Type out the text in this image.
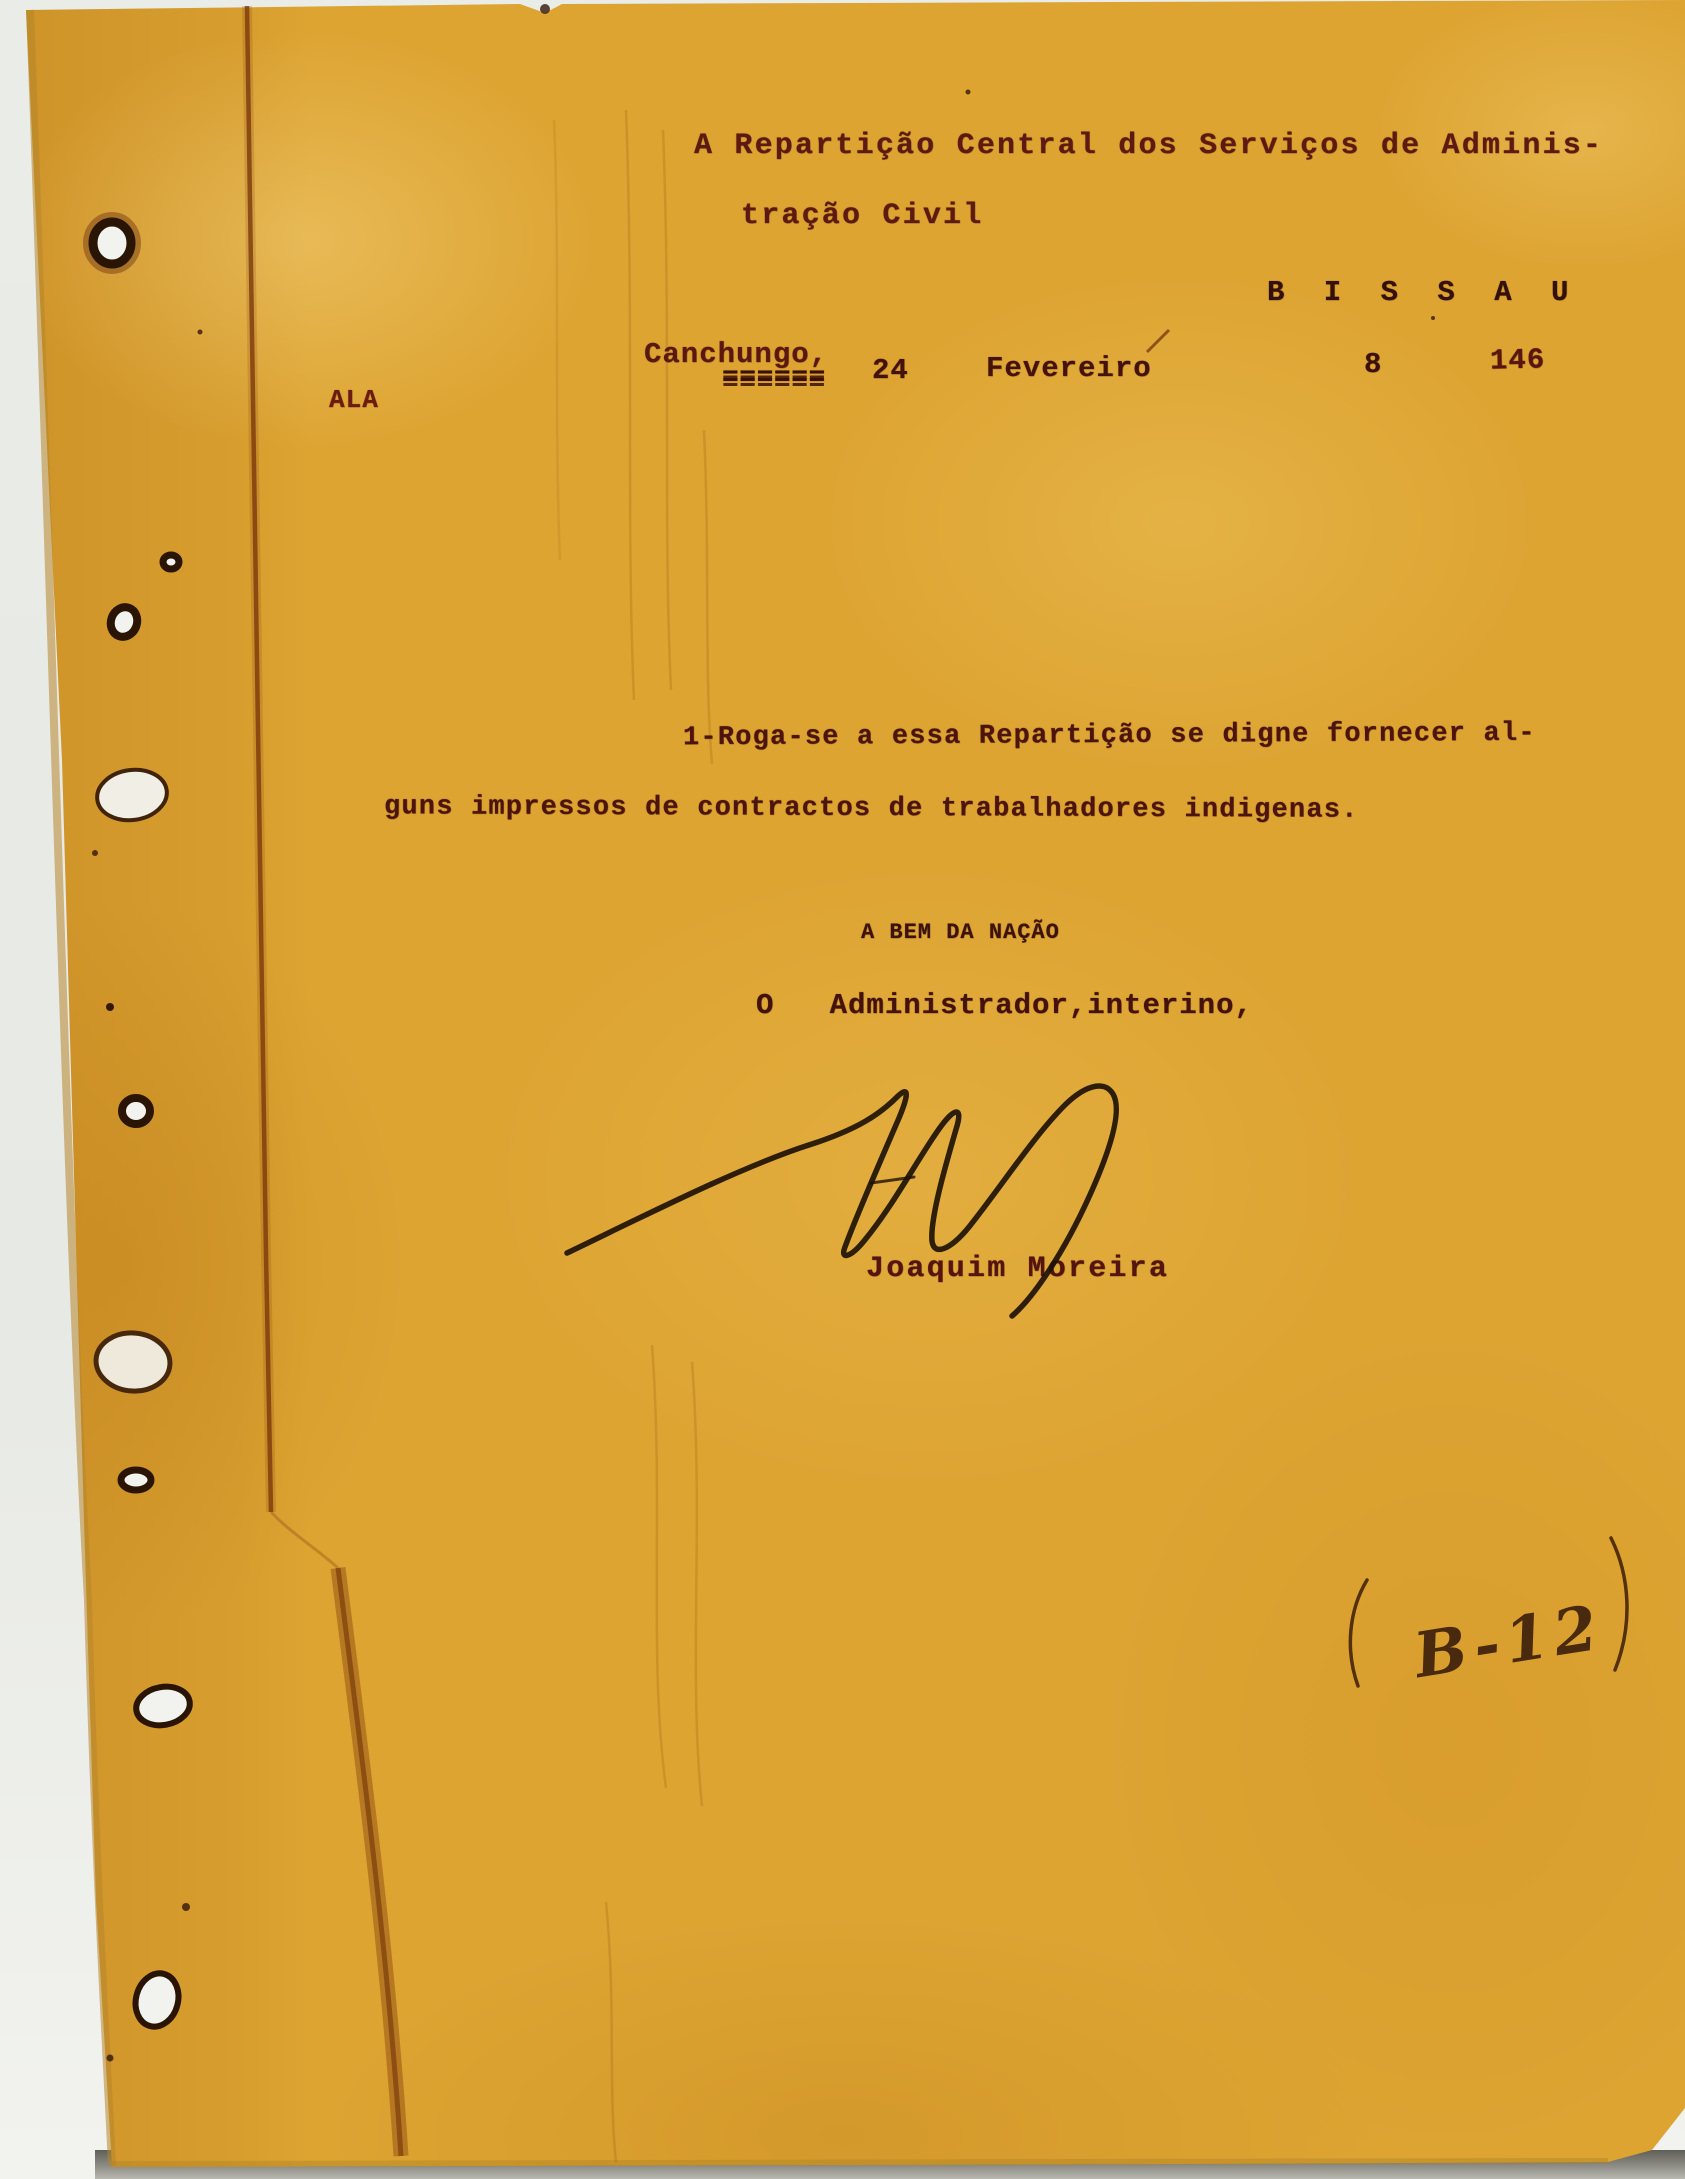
A Repartição Central dos Serviços de Adminis-
tração Civil
B I S S A U
Canchungo,
====== 24	Fevereiro	8	146
ALA
1-Roga-se a essa Repartição se digne fornecer al-
guns impressos de contractos de trabalhadores indigenas.
A BEM DA NAÇÃO
O   Administrador,interino,
Joaquim Moreira
B-12
